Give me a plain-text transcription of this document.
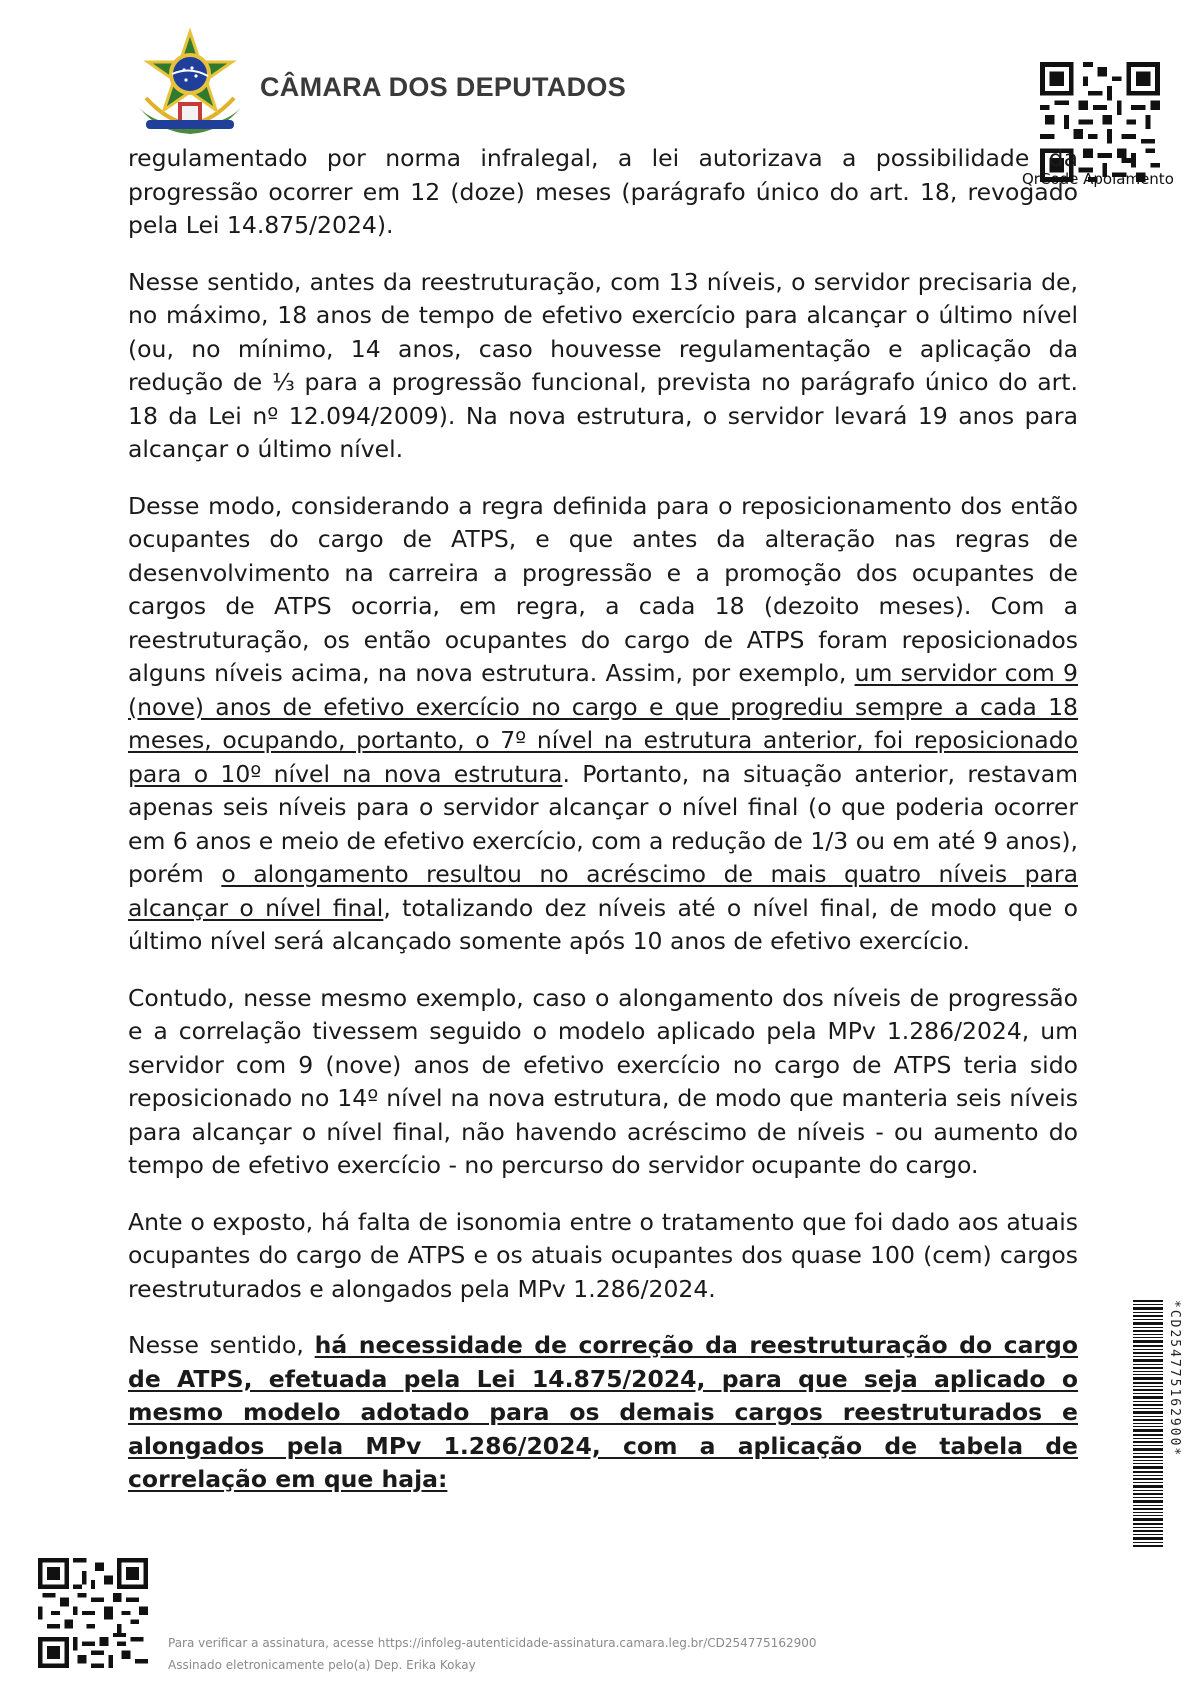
CÂMARA DOS DEPUTADOS
QrCode Apoiamento

regulamentado por norma infralegal, a lei autorizava a possibilidade da progressão ocorrer em 12 (doze) meses (parágrafo único do art. 18, revogado pela Lei 14.875/2024).

Nesse sentido, antes da reestruturação, com 13 níveis, o servidor precisaria de, no máximo, 18 anos de tempo de efetivo exercício para alcançar o último nível (ou, no mínimo, 14 anos, caso houvesse regulamentação e aplicação da redução de ⅓ para a progressão funcional, prevista no parágrafo único do art. 18 da Lei nº 12.094/2009). Na nova estrutura, o servidor levará 19 anos para alcançar o último nível.

Desse modo, considerando a regra definida para o reposicionamento dos então ocupantes do cargo de ATPS, e que antes da alteração nas regras de desenvolvimento na carreira a progressão e a promoção dos ocupantes de cargos de ATPS ocorria, em regra, a cada 18 (dezoito meses). Com a reestruturação, os então ocupantes do cargo de ATPS foram reposicionados alguns níveis acima, na nova estrutura. Assim, por exemplo, um servidor com 9 (nove) anos de efetivo exercício no cargo e que progrediu sempre a cada 18 meses, ocupando, portanto, o 7º nível na estrutura anterior, foi reposicionado para o 10º nível na nova estrutura. Portanto, na situação anterior, restavam apenas seis níveis para o servidor alcançar o nível final (o que poderia ocorrer em 6 anos e meio de efetivo exercício, com a redução de 1/3 ou em até 9 anos), porém o alongamento resultou no acréscimo de mais quatro níveis para alcançar o nível final, totalizando dez níveis até o nível final, de modo que o último nível será alcançado somente após 10 anos de efetivo exercício.

Contudo, nesse mesmo exemplo, caso o alongamento dos níveis de progressão e a correlação tivessem seguido o modelo aplicado pela MPv 1.286/2024, um servidor com 9 (nove) anos de efetivo exercício no cargo de ATPS teria sido reposicionado no 14º nível na nova estrutura, de modo que manteria seis níveis para alcançar o nível final, não havendo acréscimo de níveis - ou aumento do tempo de efetivo exercício - no percurso do servidor ocupante do cargo.

Ante o exposto, há falta de isonomia entre o tratamento que foi dado aos atuais ocupantes do cargo de ATPS e os atuais ocupantes dos quase 100 (cem) cargos reestruturados e alongados pela MPv 1.286/2024.

Nesse sentido, há necessidade de correção da reestruturação do cargo de ATPS, efetuada pela Lei 14.875/2024, para que seja aplicado o mesmo modelo adotado para os demais cargos reestruturados e alongados pela MPv 1.286/2024, com a aplicação de tabela de correlação em que haja:

*CD254775162900*
Para verificar a assinatura, acesse https://infoleg-autenticidade-assinatura.camara.leg.br/CD254775162900
Assinado eletronicamente pelo(a) Dep. Erika Kokay
